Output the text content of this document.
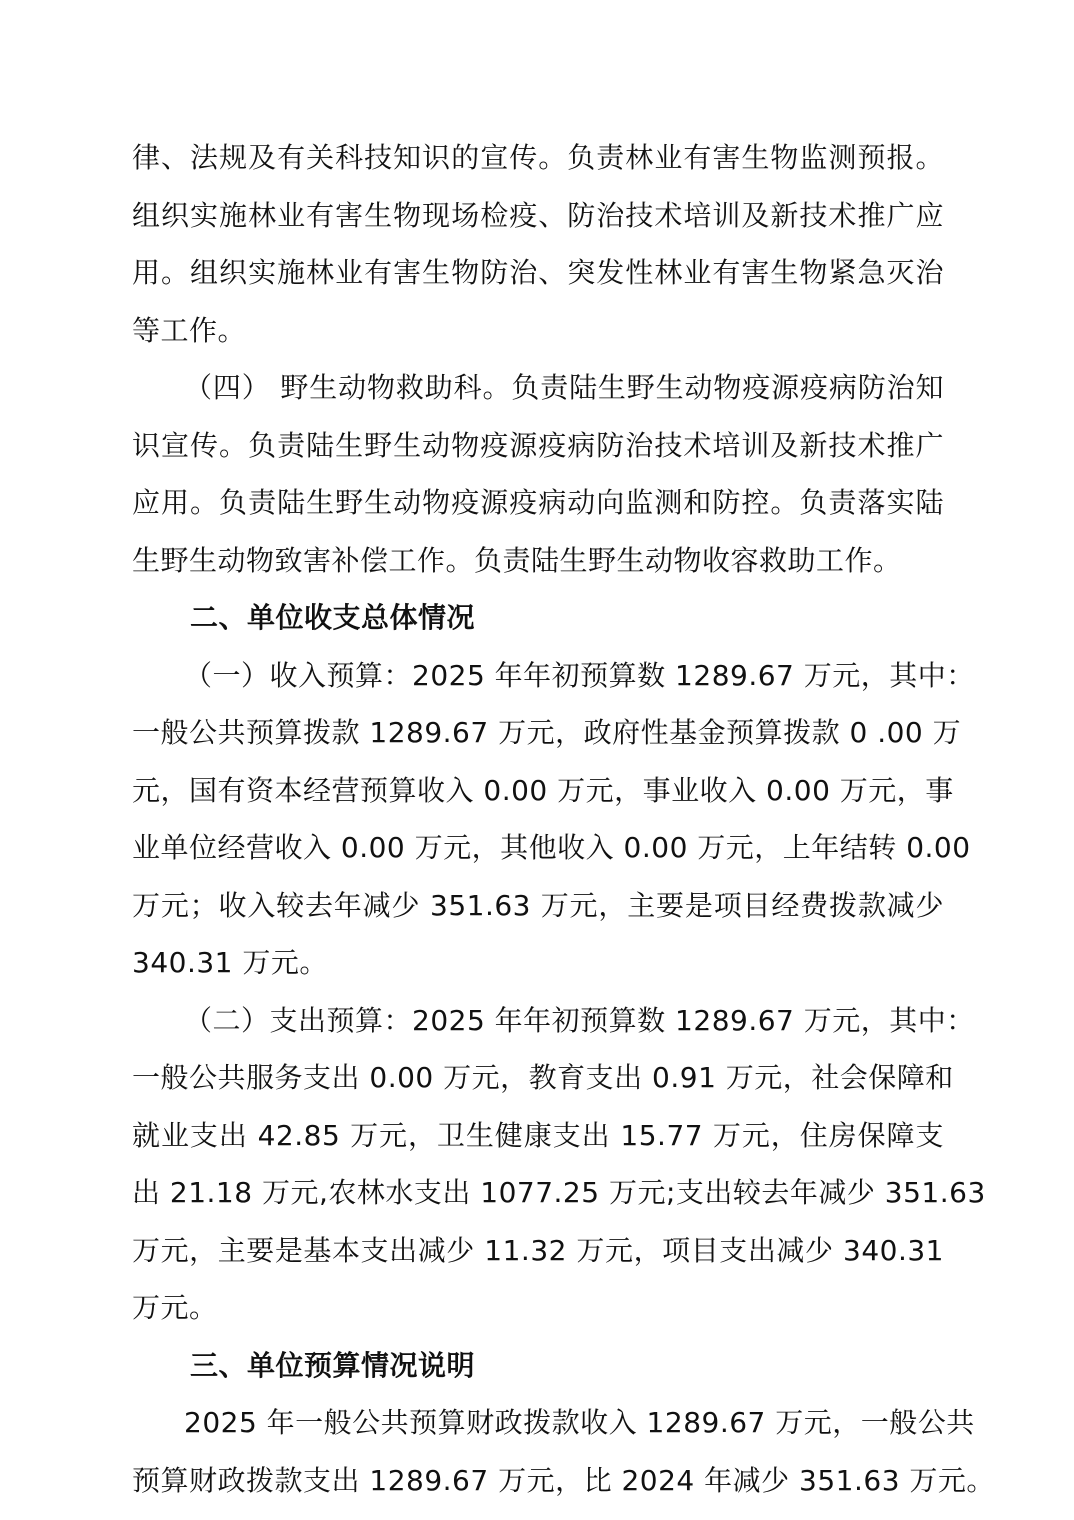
律、法规及有关科技知识的宣传。负责林业有害生物监测预报。
组织实施林业有害生物现场检疫、防治技术培训及新技术推广应
用。组织实施林业有害生物防治、突发性林业有害生物紧急灭治
等工作。
（四） 野生动物救助科。负责陆生野生动物疫源疫病防治知
识宣传。负责陆生野生动物疫源疫病防治技术培训及新技术推广
应用。负责陆生野生动物疫源疫病动向监测和防控。负责落实陆
生野生动物致害补偿工作。负责陆生野生动物收容救助工作。
二、单位收支总体情况
（一）收入预算：2025 年年初预算数 1289.67 万元，其中：
一般公共预算拨款 1289.67 万元，政府性基金预算拨款 0 .00 万
元，国有资本经营预算收入 0.00 万元，事业收入 0.00 万元，事
业单位经营收入 0.00 万元，其他收入 0.00 万元，上年结转 0.00
万元；收入较去年减少 351.63 万元，主要是项目经费拨款减少
340.31 万元。
（二）支出预算：2025 年年初预算数 1289.67 万元，其中：
一般公共服务支出 0.00 万元，教育支出 0.91 万元，社会保障和
就业支出 42.85 万元，卫生健康支出 15.77 万元，住房保障支
出 21.18 万元,农林水支出 1077.25 万元;支出较去年减少 351.63
万元，主要是基本支出减少 11.32 万元，项目支出减少 340.31
万元。
三、单位预算情况说明
2025 年一般公共预算财政拨款收入 1289.67 万元，一般公共
预算财政拨款支出 1289.67 万元，比 2024 年减少 351.63 万元。
